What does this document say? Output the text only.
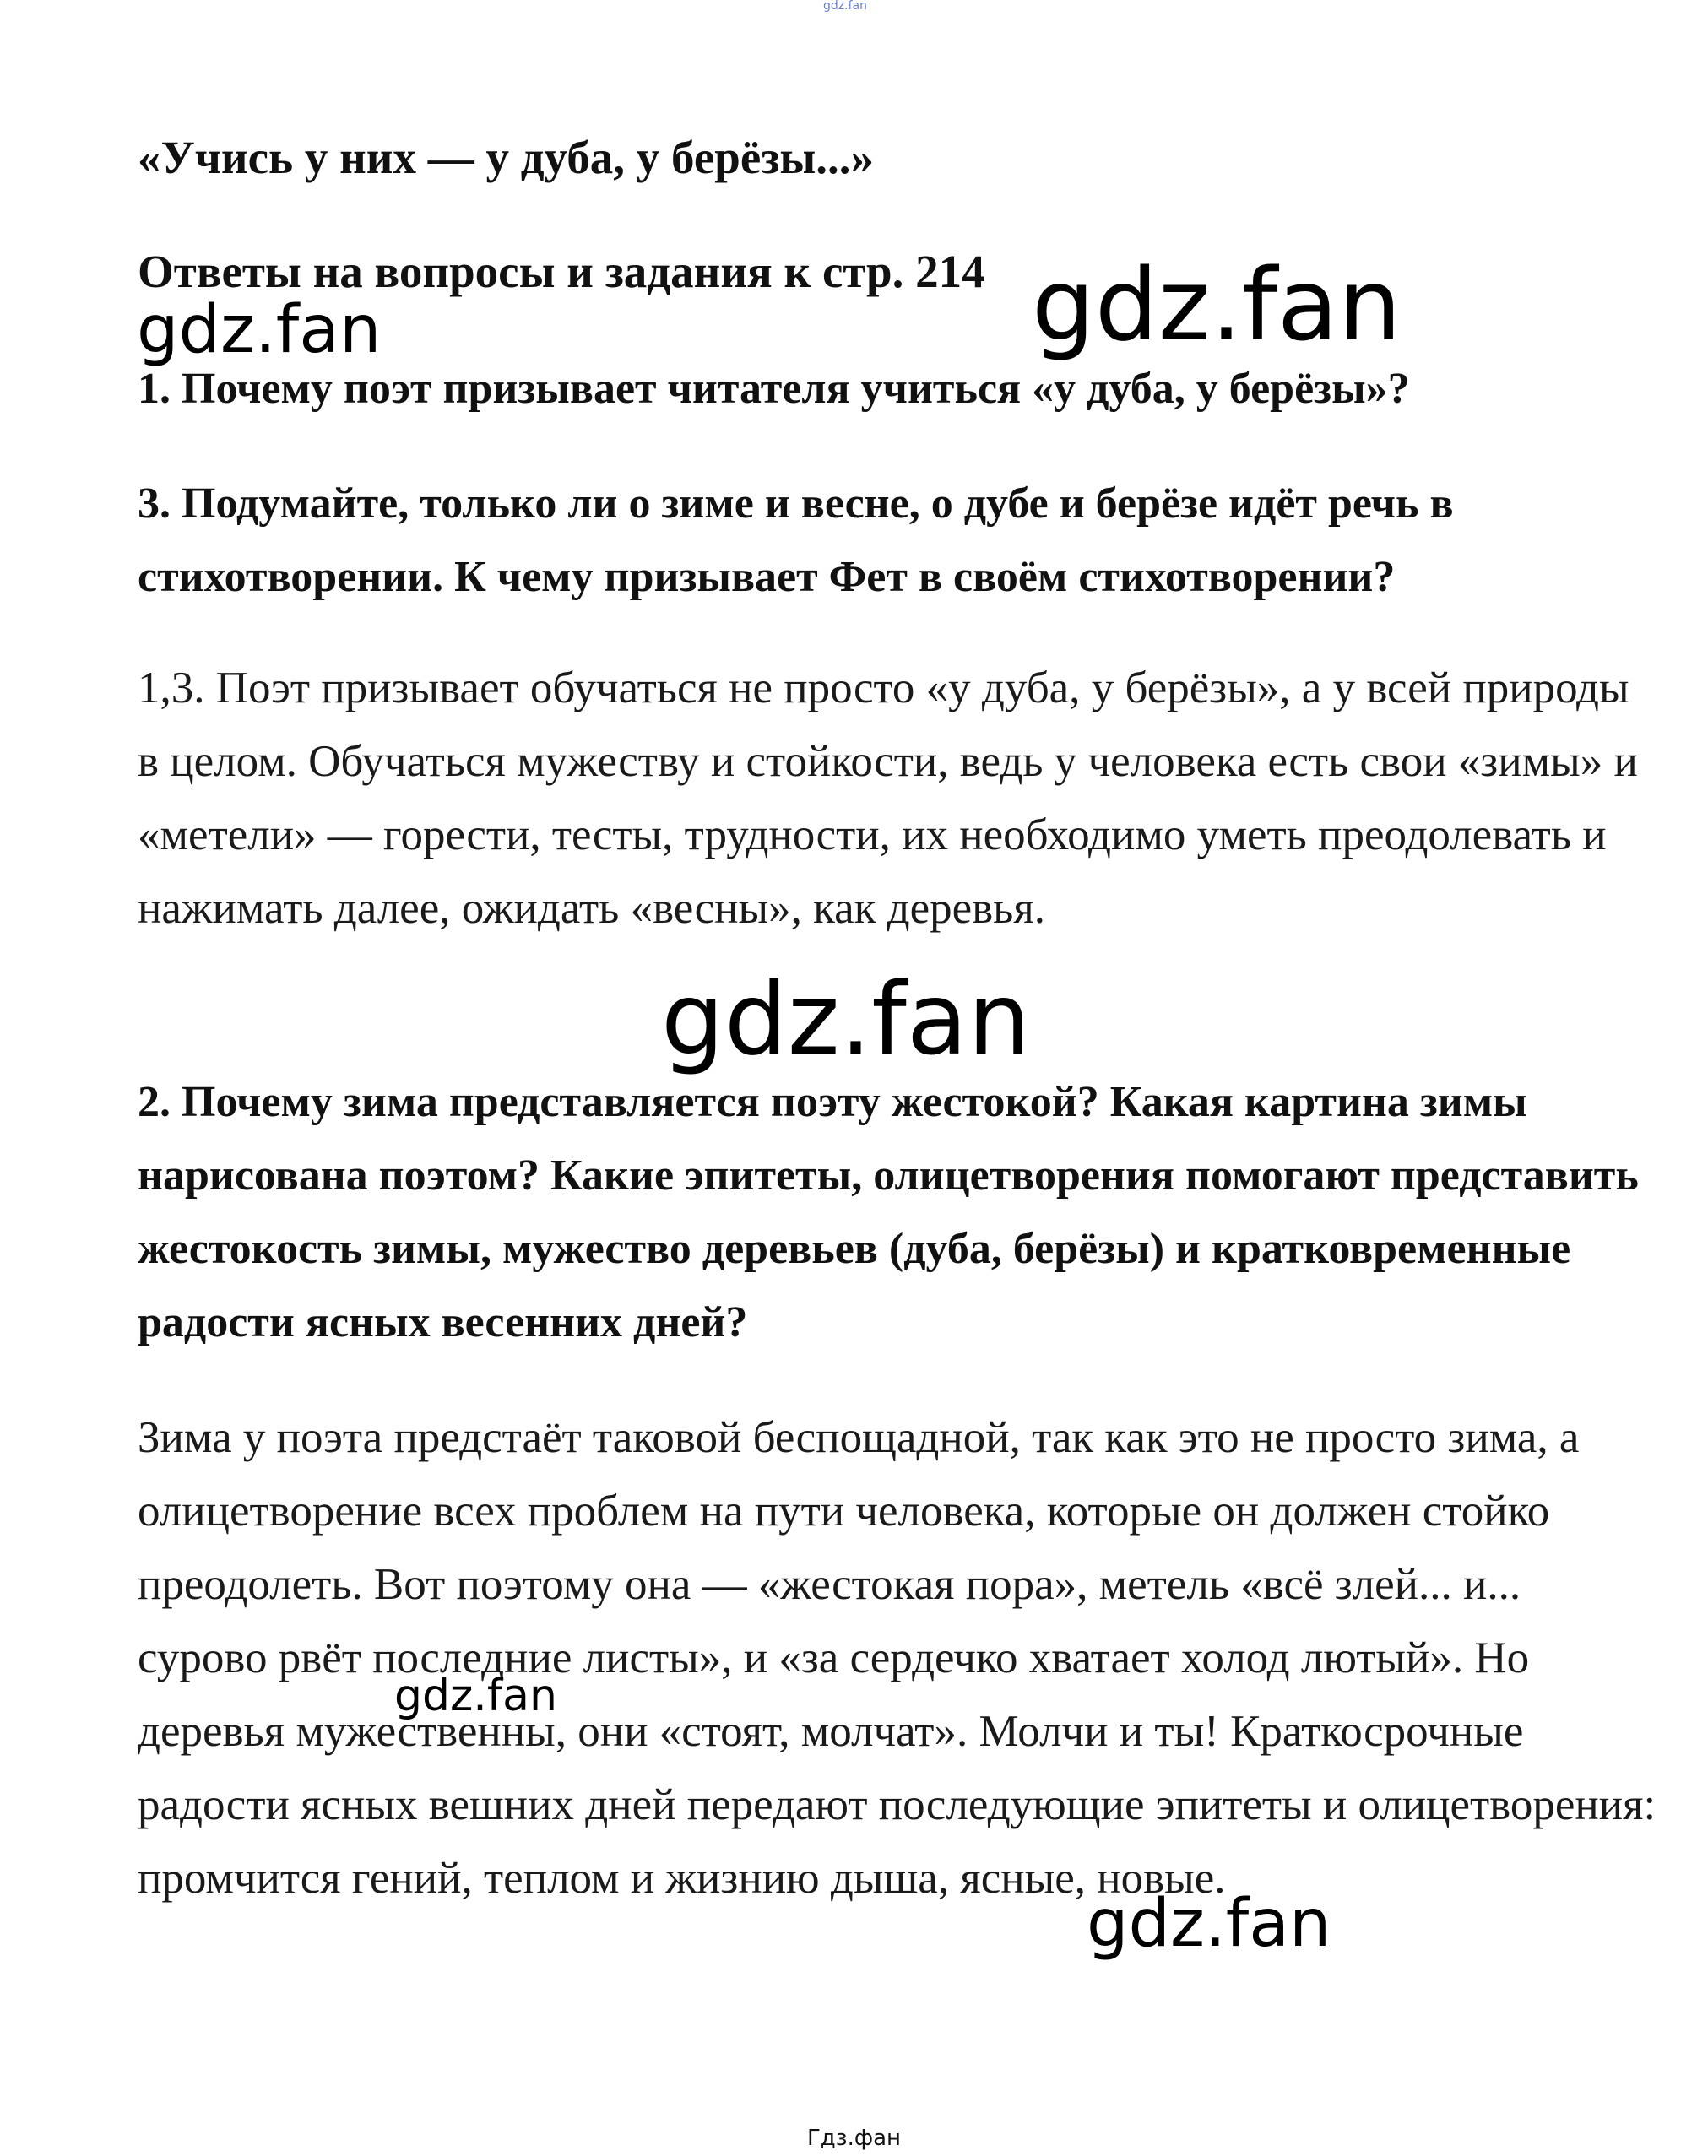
gdz.fan

«Учись у них — у дуба, у берёзы...»

Ответы на вопросы и задания к стр. 214

1. Почему поэт призывает читателя учиться «у дуба, у берёзы»?

3. Подумайте, только ли о зиме и весне, о дубе и берёзе идёт речь в стихотворении. К чему призывает Фет в своём стихотворении?

1,3. Поэт призывает обучаться не просто «у дуба, у берёзы», а у всей природы в целом. Обучаться мужеству и стойкости, ведь у человека есть свои «зимы» и «метели» — горести, тесты, трудности, их необходимо уметь преодолевать и нажимать далее, ожидать «весны», как деревья.

2. Почему зима представляется поэту жестокой? Какая картина зимы нарисована поэтом? Какие эпитеты, олицетворения помогают представить жестокость зимы, мужество деревьев (дуба, берёзы) и кратковременные радости ясных весенних дней?

Зима у поэта предстаёт таковой беспощадной, так как это не просто зима, а олицетворение всех проблем на пути человека, которые он должен стойко преодолеть. Вот поэтому она — «жестокая пора», метель «всё злей... и... сурово рвёт последние листы», и «за сердечко хватает холод лютый». Но деревья мужественны, они «стоят, молчат». Молчи и ты! Краткосрочные радости ясных вешних дней передают последующие эпитеты и олицетворения: промчится гений, теплом и жизнию дыша, ясные, новые.

gdz.fan
gdz.fan
gdz.fan
gdz.fan
gdz.fan
Гдз.фан
